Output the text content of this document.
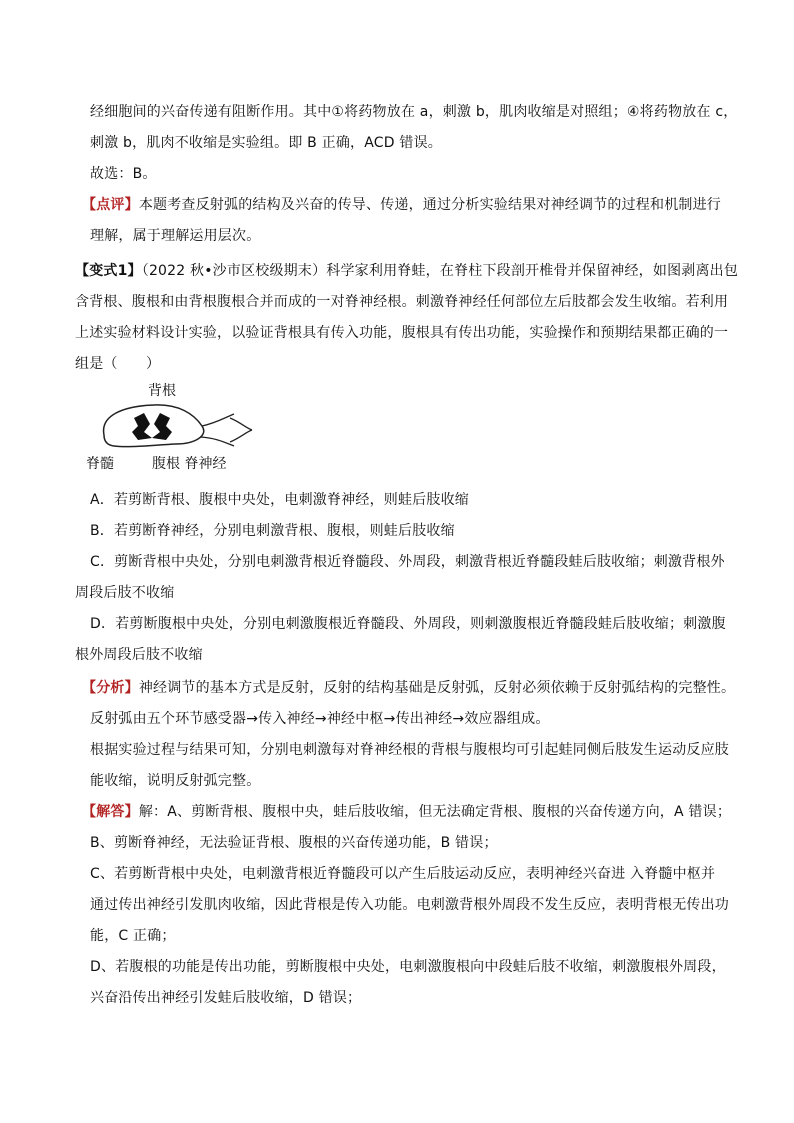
经细胞间的兴奋传递有阻断作用。其中①将药物放在 a，刺激 b，肌肉收缩是对照组；④将药物放在 c，
刺激 b，肌肉不收缩是实验组。即 B 正确，ACD 错误。
故选：B。
【点评】本题考查反射弧的结构及兴奋的传导、传递，通过分析实验结果对神经调节的过程和机制进行
理解，属于理解运用层次。
【变式1】（2022 秋•沙市区校级期末）科学家利用脊蛙，在脊柱下段剖开椎骨并保留神经，如图剥离出包
含背根、腹根和由背根腹根合并而成的一对脊神经根。刺激脊神经任何部位左后肢都会发生收缩。若利用
上述实验材料设计实验，以验证背根具有传入功能，腹根具有传出功能，实验操作和预期结果都正确的一
组是（　　）
背根
脊髓	腹根 脊神经
A．若剪断背根、腹根中央处，电刺激脊神经，则蛙后肢收缩
B．若剪断脊神经，分别电刺激背根、腹根，则蛙后肢收缩
C．剪断背根中央处，分别电刺激背根近脊髓段、外周段，刺激背根近脊髓段蛙后肢收缩；刺激背根外
周段后肢不收缩
D．若剪断腹根中央处，分别电刺激腹根近脊髓段、外周段，则刺激腹根近脊髓段蛙后肢收缩；刺激腹
根外周段后肢不收缩
【分析】神经调节的基本方式是反射，反射的结构基础是反射弧，反射必须依赖于反射弧结构的完整性。
反射弧由五个环节感受器→传入神经→神经中枢→传出神经→效应器组成。
根据实验过程与结果可知，分别电刺激每对脊神经根的背根与腹根均可引起蛙同侧后肢发生运动反应肢
能收缩，说明反射弧完整。
【解答】解：A、剪断背根、腹根中央，蛙后肢收缩，但无法确定背根、腹根的兴奋传递方向，A 错误；
B、剪断脊神经，无法验证背根、腹根的兴奋传递功能，B 错误；
C、若剪断背根中央处，电刺激背根近脊髓段可以产生后肢运动反应，表明神经兴奋进 入脊髓中枢并
通过传出神经引发肌肉收缩，因此背根是传入功能。电刺激背根外周段不发生反应，表明背根无传出功
能，C 正确；
D、若腹根的功能是传出功能，剪断腹根中央处，电刺激腹根向中段蛙后肢不收缩，刺激腹根外周段，
兴奋沿传出神经引发蛙后肢收缩，D 错误；
